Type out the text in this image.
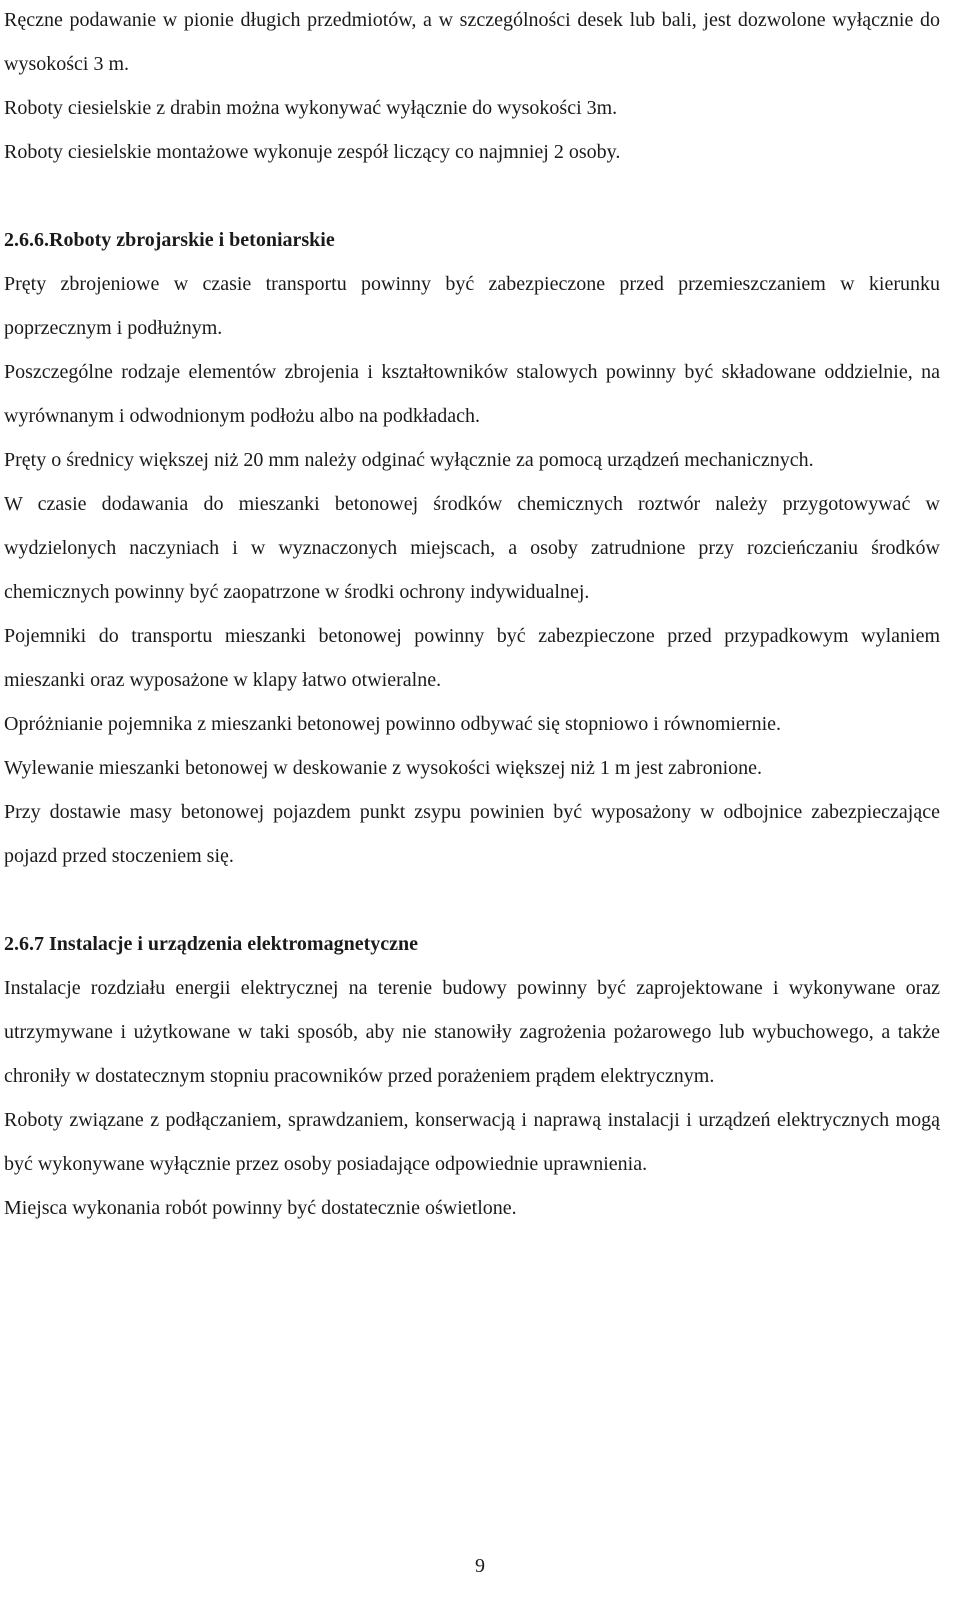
Ręczne podawanie w pionie długich przedmiotów, a w szczególności desek lub bali, jest dozwolone wyłącznie do wysokości 3 m.

Roboty ciesielskie z drabin można wykonywać wyłącznie do wysokości 3m.

Roboty ciesielskie montażowe wykonuje zespół liczący co najmniej 2 osoby.

2.6.6.Roboty zbrojarskie i betoniarskie

Pręty zbrojeniowe w czasie transportu powinny być zabezpieczone przed przemieszczaniem w kierunku poprzecznym i podłużnym.

Poszczególne rodzaje elementów zbrojenia i kształtowników stalowych powinny być składowane oddzielnie, na wyrównanym i odwodnionym podłożu albo na podkładach.

Pręty o średnicy większej niż 20 mm należy odginać wyłącznie za pomocą urządzeń mechanicznych.

W czasie dodawania do mieszanki betonowej środków chemicznych roztwór należy przygotowywać w wydzielonych naczyniach i w wyznaczonych miejscach, a osoby zatrudnione przy rozcieńczaniu środków chemicznych powinny być zaopatrzone w środki ochrony indywidualnej.

Pojemniki do transportu mieszanki betonowej powinny być zabezpieczone przed przypadkowym wylaniem mieszanki oraz wyposażone w klapy łatwo otwieralne.

Opróżnianie pojemnika z mieszanki betonowej powinno odbywać się stopniowo i równomiernie.

Wylewanie mieszanki betonowej w deskowanie z wysokości większej niż 1 m jest zabronione.

Przy dostawie masy betonowej pojazdem punkt zsypu powinien być wyposażony w odbojnice zabezpieczające pojazd przed stoczeniem się.

2.6.7 Instalacje i urządzenia elektromagnetyczne

Instalacje rozdziału energii elektrycznej na terenie budowy powinny być zaprojektowane i wykonywane oraz utrzymywane i użytkowane w taki sposób, aby nie stanowiły zagrożenia pożarowego lub wybuchowego, a także chroniły w dostatecznym stopniu pracowników przed porażeniem prądem elektrycznym.

Roboty związane z podłączaniem, sprawdzaniem, konserwacją i naprawą instalacji i urządzeń elektrycznych mogą być wykonywane wyłącznie przez osoby posiadające odpowiednie uprawnienia.

Miejsca wykonania robót powinny być dostatecznie oświetlone.

9
